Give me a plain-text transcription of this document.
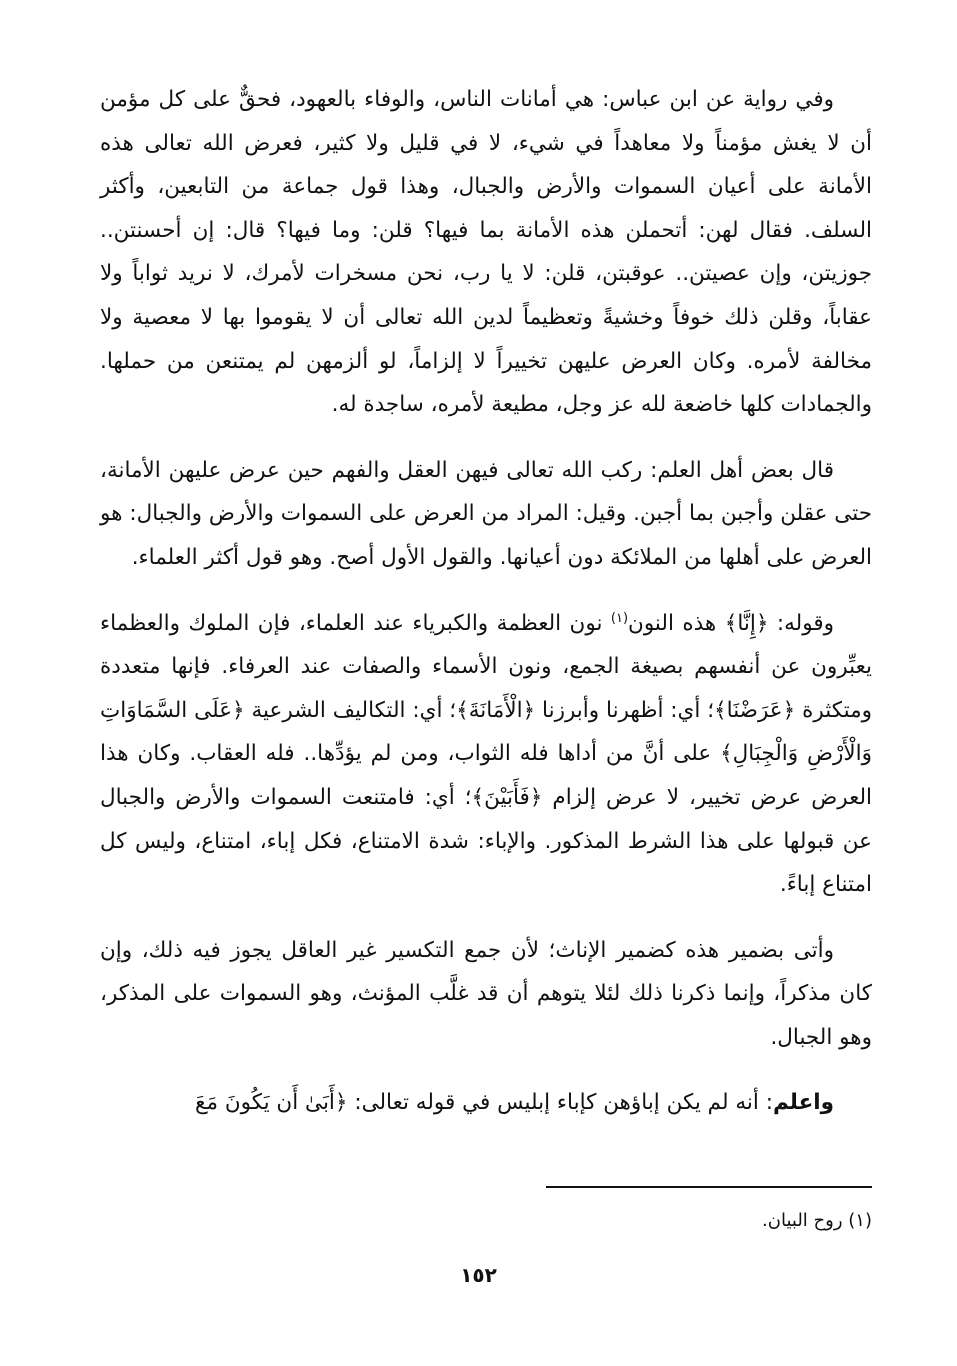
وفي رواية عن ابن عباس: هي أمانات الناس، والوفاء بالعهود، فحقٌّ على كل مؤمن أن لا يغش مؤمناً ولا معاهداً في شيء، لا في قليل ولا كثير، فعرض الله تعالى هذه الأمانة على أعيان السموات والأرض والجبال، وهذا قول جماعة من التابعين، وأكثر السلف. فقال لهن: أتحملن هذه الأمانة بما فيها؟ قلن: وما فيها؟ قال: إن أحسنتن.. جوزيتن، وإن عصيتن.. عوقبتن، قلن: لا يا رب، نحن مسخرات لأمرك، لا نريد ثواباً ولا عقاباً، وقلن ذلك خوفاً وخشيةً وتعظيماً لدين الله تعالى أن لا يقوموا بها لا معصية ولا مخالفة لأمره. وكان العرض عليهن تخييراً لا إلزاماً، لو ألزمهن لم يمتنعن من حملها. والجمادات كلها خاضعة لله عز وجل، مطيعة لأمره، ساجدة له.

قال بعض أهل العلم: ركب الله تعالى فيهن العقل والفهم حين عرض عليهن الأمانة، حتى عقلن وأجبن بما أجبن. وقيل: المراد من العرض على السموات والأرض والجبال: هو العرض على أهلها من الملائكة دون أعيانها. والقول الأول أصح. وهو قول أكثر العلماء.

وقوله: ﴿إِنَّا﴾ هذه النون$^{(١)}$ نون العظمة والكبرياء عند العلماء، فإن الملوك والعظماء يعبِّرون عن أنفسهم بصيغة الجمع، ونون الأسماء والصفات عند العرفاء. فإنها متعددة ومتكثرة ﴿عَرَضْنَا﴾؛ أي: أظهرنا وأبرزنا ﴿الْأَمَانَةَ﴾؛ أي: التكاليف الشرعية ﴿عَلَى السَّمَاوَاتِ وَالْأَرْضِ وَالْجِبَالِ﴾ على أنَّ من أداها فله الثواب، ومن لم يؤدِّها.. فله العقاب. وكان هذا العرض عرض تخيير، لا عرض إلزام ﴿فَأَبَيْنَ﴾؛ أي: فامتنعت السموات والأرض والجبال عن قبولها على هذا الشرط المذكور. والإباء: شدة الامتناع، فكل إباء، امتناع، وليس كل امتناع إباءً.

وأتى بضمير هذه كضمير الإناث؛ لأن جمع التكسير غير العاقل يجوز فيه ذلك، وإن كان مذكراً، وإنما ذكرنا ذلك لئلا يتوهم أن قد غلَّب المؤنث، وهو السموات على المذكر، وهو الجبال.

واعلم: أنه لم يكن إباؤهن كإباء إبليس في قوله تعالى: ﴿أَبَىٰ أَن يَكُونَ مَعَ

(١) روح البيان.
١٥٢
